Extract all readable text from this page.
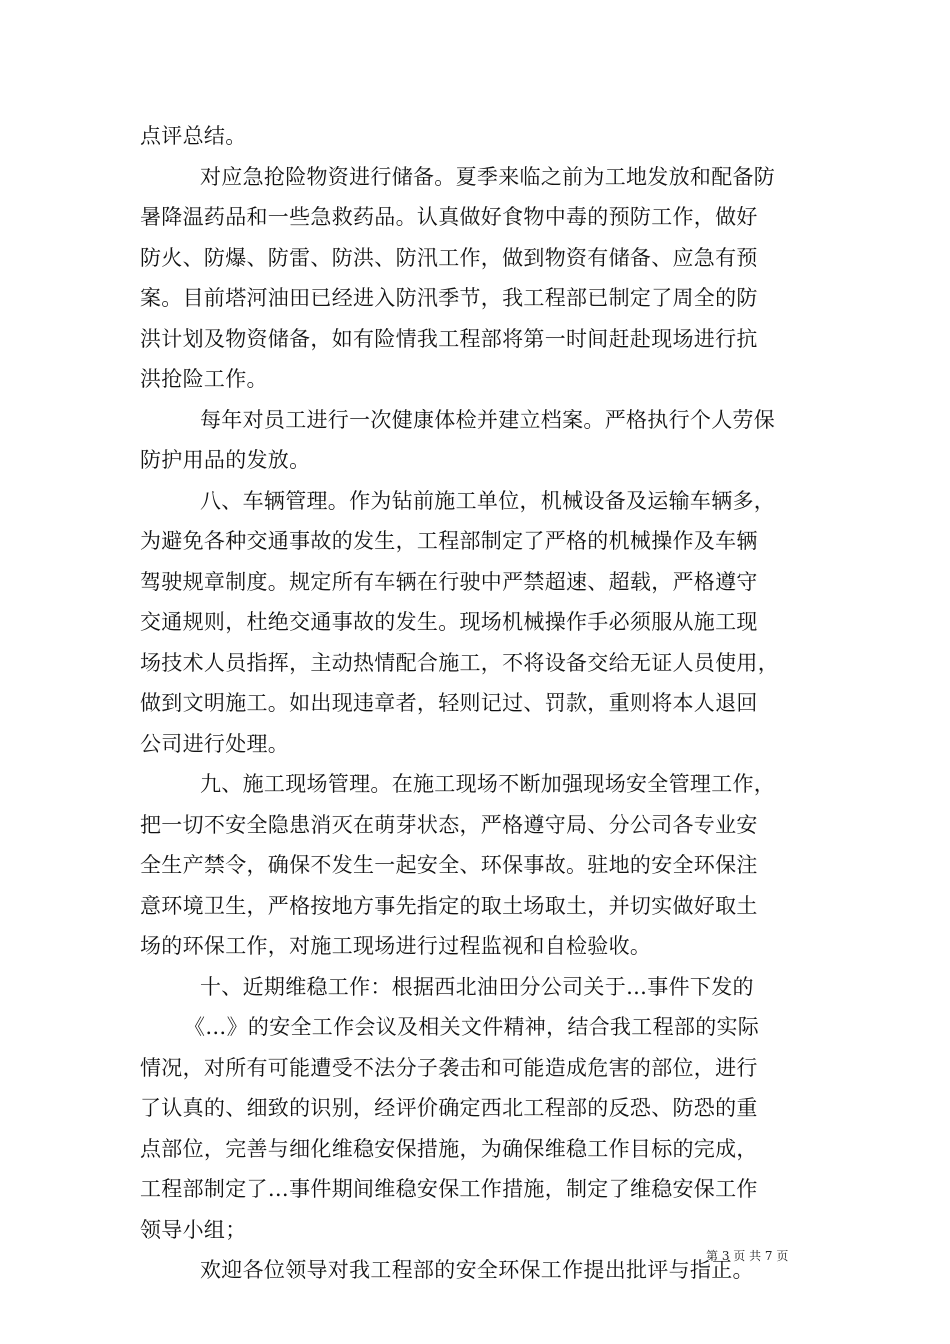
点评总结。
对应急抢险物资进行储备。夏季来临之前为工地发放和配备防
暑降温药品和一些急救药品。认真做好食物中毒的预防工作，做好
防火、防爆、防雷、防洪、防汛工作，做到物资有储备、应急有预
案。目前塔河油田已经进入防汛季节，我工程部已制定了周全的防
洪计划及物资储备，如有险情我工程部将第一时间赶赴现场进行抗
洪抢险工作。
每年对员工进行一次健康体检并建立档案。严格执行个人劳保
防护用品的发放。
八、车辆管理。作为钻前施工单位，机械设备及运输车辆多，
为避免各种交通事故的发生，工程部制定了严格的机械操作及车辆
驾驶规章制度。规定所有车辆在行驶中严禁超速、超载，严格遵守
交通规则，杜绝交通事故的发生。现场机械操作手必须服从施工现
场技术人员指挥，主动热情配合施工，不将设备交给无证人员使用，
做到文明施工。如出现违章者，轻则记过、罚款，重则将本人退回
公司进行处理。
九、施工现场管理。在施工现场不断加强现场安全管理工作，
把一切不安全隐患消灭在萌芽状态，严格遵守局、分公司各专业安
全生产禁令，确保不发生一起安全、环保事故。驻地的安全环保注
意环境卫生，严格按地方事先指定的取土场取土，并切实做好取土
场的环保工作，对施工现场进行过程监视和自检验收。
十、近期维稳工作：根据西北油田分公司关于…事件下发的
《…》的安全工作会议及相关文件精神，结合我工程部的实际
情况，对所有可能遭受不法分子袭击和可能造成危害的部位，进行
了认真的、细致的识别，经评价确定西北工程部的反恐、防恐的重
点部位，完善与细化维稳安保措施，为确保维稳工作目标的完成，
工程部制定了…事件期间维稳安保工作措施，制定了维稳安保工作
领导小组；
欢迎各位领导对我工程部的安全环保工作提出批评与指正。
第 3 页 共 7 页
